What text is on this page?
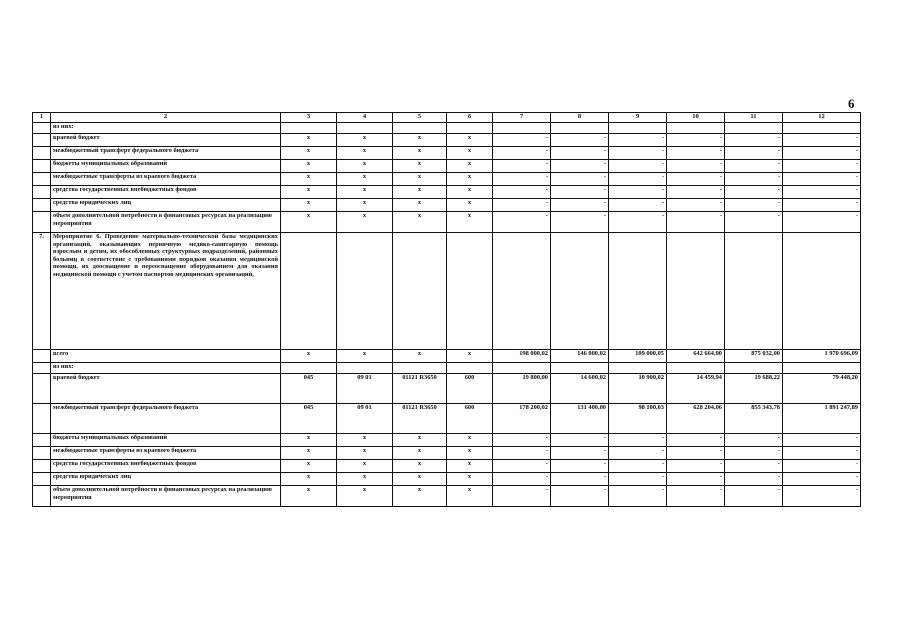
6
1	2	3	4	5	6	7	8	9	10	11	12
	из них:										
	краевой бюджет	x	x	x	x	-	-	-	-	-	-
	межбюджетный трансферт федерального бюджета	x	x	x	x	-	-	-	-	-	-
	бюджеты муниципальных образований	x	x	x	x	-	-	-	-	-	-
	межбюджетные трансферты из краевого бюджета	x	x	x	x	-	-	-	-	-	-
	средства государственных внебюджетных фондов	x	x	x	x	-	-	-	-	-	-
	средства юридических лиц	x	x	x	x	-	-	-	-	-	-
	объем дополнительной потребности в финансовых ресурсах на реализацию мероприятия	x	x	x	x	-	-	-	-	-	-
7.	Мероприятие 6. Проведение материально-технической базы медицинских организаций, оказывающих первичную медико-санитарную помощь взрослым и детям, их обособленных структурных подразделений, районных больниц в соответствие с требованиями порядков оказания медицинской помощи, их дооснащение и переоснащение оборудованием для оказания медицинской помощи с учетом паспортов медицинских организаций,										
	всего	x	x	x	x	198 000,02	146 000,02	109 000,05	642 664,00	875 032,00	1 970 696,09
	из них:										
	краевой бюджет	045	09 01	01121 R3650	600	19 800,00	14 600,02	10 900,02	14 459,94	19 688,22	79 448,20
	межбюджетный трансферт федерального бюджета	045	09 01	01121 R3650	600	178 200,02	131 400,00	98 100,03	628 204,06	855 343,78	1 891 247,89
	бюджеты муниципальных образований	x	x	x	x	-	-	-	-	-	-
	межбюджетные трансферты из краевого бюджета	x	x	x	x	-	-	-	-	-	-
	средства государственных внебюджетных фондов	x	x	x	x	-	-	-	-	-	-
	средства юридических лиц	x	x	x	x	-	-	-	-	-	-
	объем дополнительной потребности в финансовых ресурсах на реализацию мероприятия	x	x	x	x	-	-	-	-	-	-
